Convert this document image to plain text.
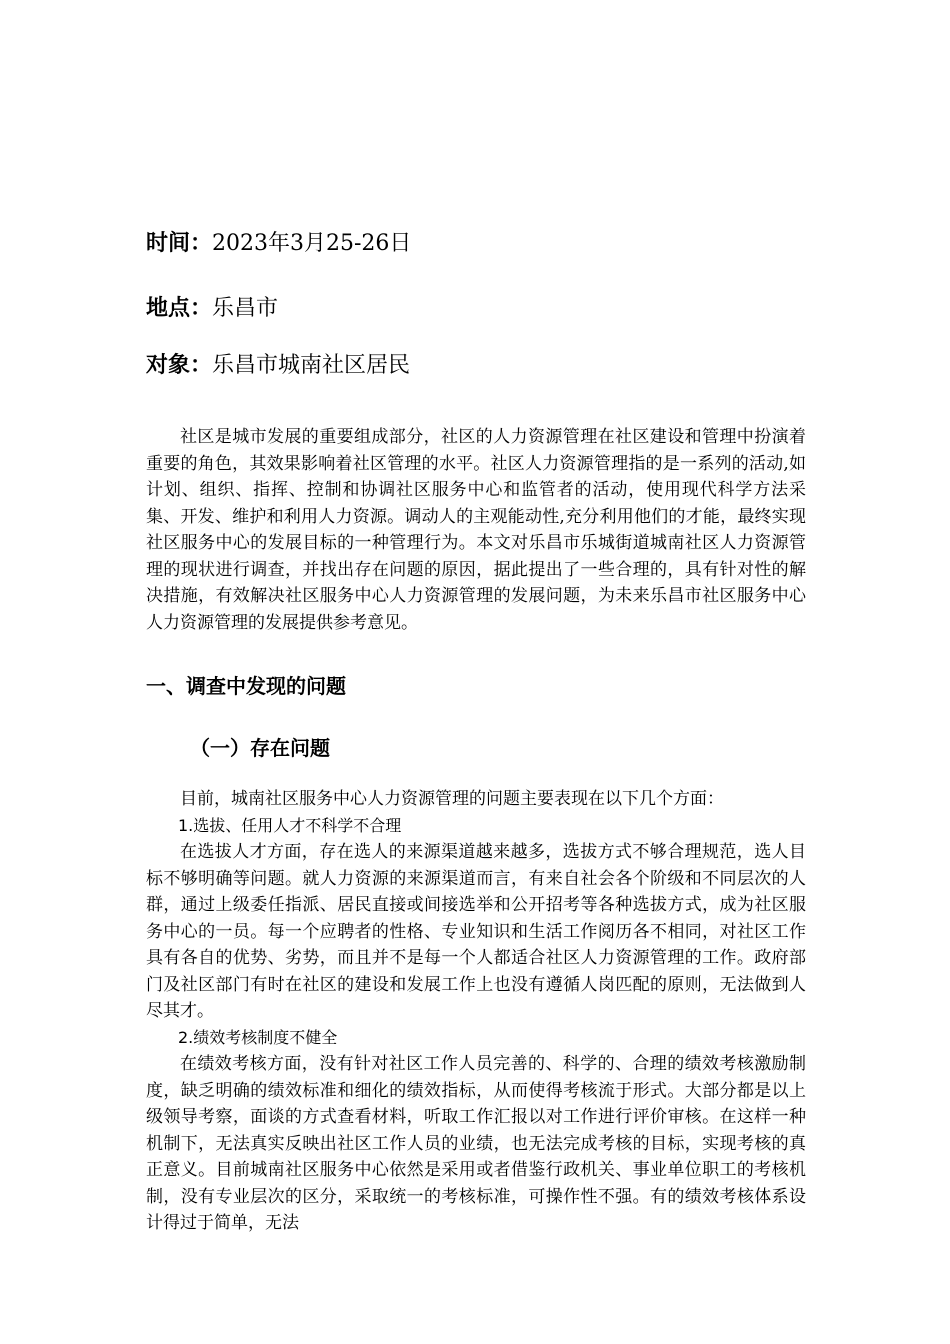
时间：2023年3月25-26日
地点：乐昌市
对象：乐昌市城南社区居民

社区是城市发展的重要组成部分，社区的人力资源管理在社区建设和管理中扮演着重要的角色，其效果影响着社区管理的水平。社区人力资源管理指的是一系列的活动,如计划、组织、指挥、控制和协调社区服务中心和监管者的活动，使用现代科学方法采集、开发、维护和利用人力资源。调动人的主观能动性,充分利用他们的才能，最终实现社区服务中心的发展目标的一种管理行为。本文对乐昌市乐城街道城南社区人力资源管理的现状进行调查，并找出存在问题的原因，据此提出了一些合理的，具有针对性的解决措施，有效解决社区服务中心人力资源管理的发展问题，为未来乐昌市社区服务中心人力资源管理的发展提供参考意见。

一、调查中发现的问题
（一）存在问题

目前，城南社区服务中心人力资源管理的问题主要表现在以下几个方面：

1.选拔、任用人才不科学不合理

在选拔人才方面，存在选人的来源渠道越来越多，选拔方式不够合理规范，选人目标不够明确等问题。就人力资源的来源渠道而言，有来自社会各个阶级和不同层次的人群，通过上级委任指派、居民直接或间接选举和公开招考等各种选拔方式，成为社区服务中心的一员。每一个应聘者的性格、专业知识和生活工作阅历各不相同，对社区工作具有各自的优势、劣势，而且并不是每一个人都适合社区人力资源管理的工作。政府部门及社区部门有时在社区的建设和发展工作上也没有遵循人岗匹配的原则，无法做到人尽其才。

2.绩效考核制度不健全

在绩效考核方面，没有针对社区工作人员完善的、科学的、合理的绩效考核激励制度，缺乏明确的绩效标准和细化的绩效指标，从而使得考核流于形式。大部分都是以上级领导考察，面谈的方式查看材料，听取工作汇报以对工作进行评价审核。在这样一种机制下，无法真实反映出社区工作人员的业绩，也无法完成考核的目标，实现考核的真正意义。目前城南社区服务中心依然是采用或者借鉴行政机关、事业单位职工的考核机制，没有专业层次的区分，采取统一的考核标准，可操作性不强。有的绩效考核体系设计得过于简单，无法
